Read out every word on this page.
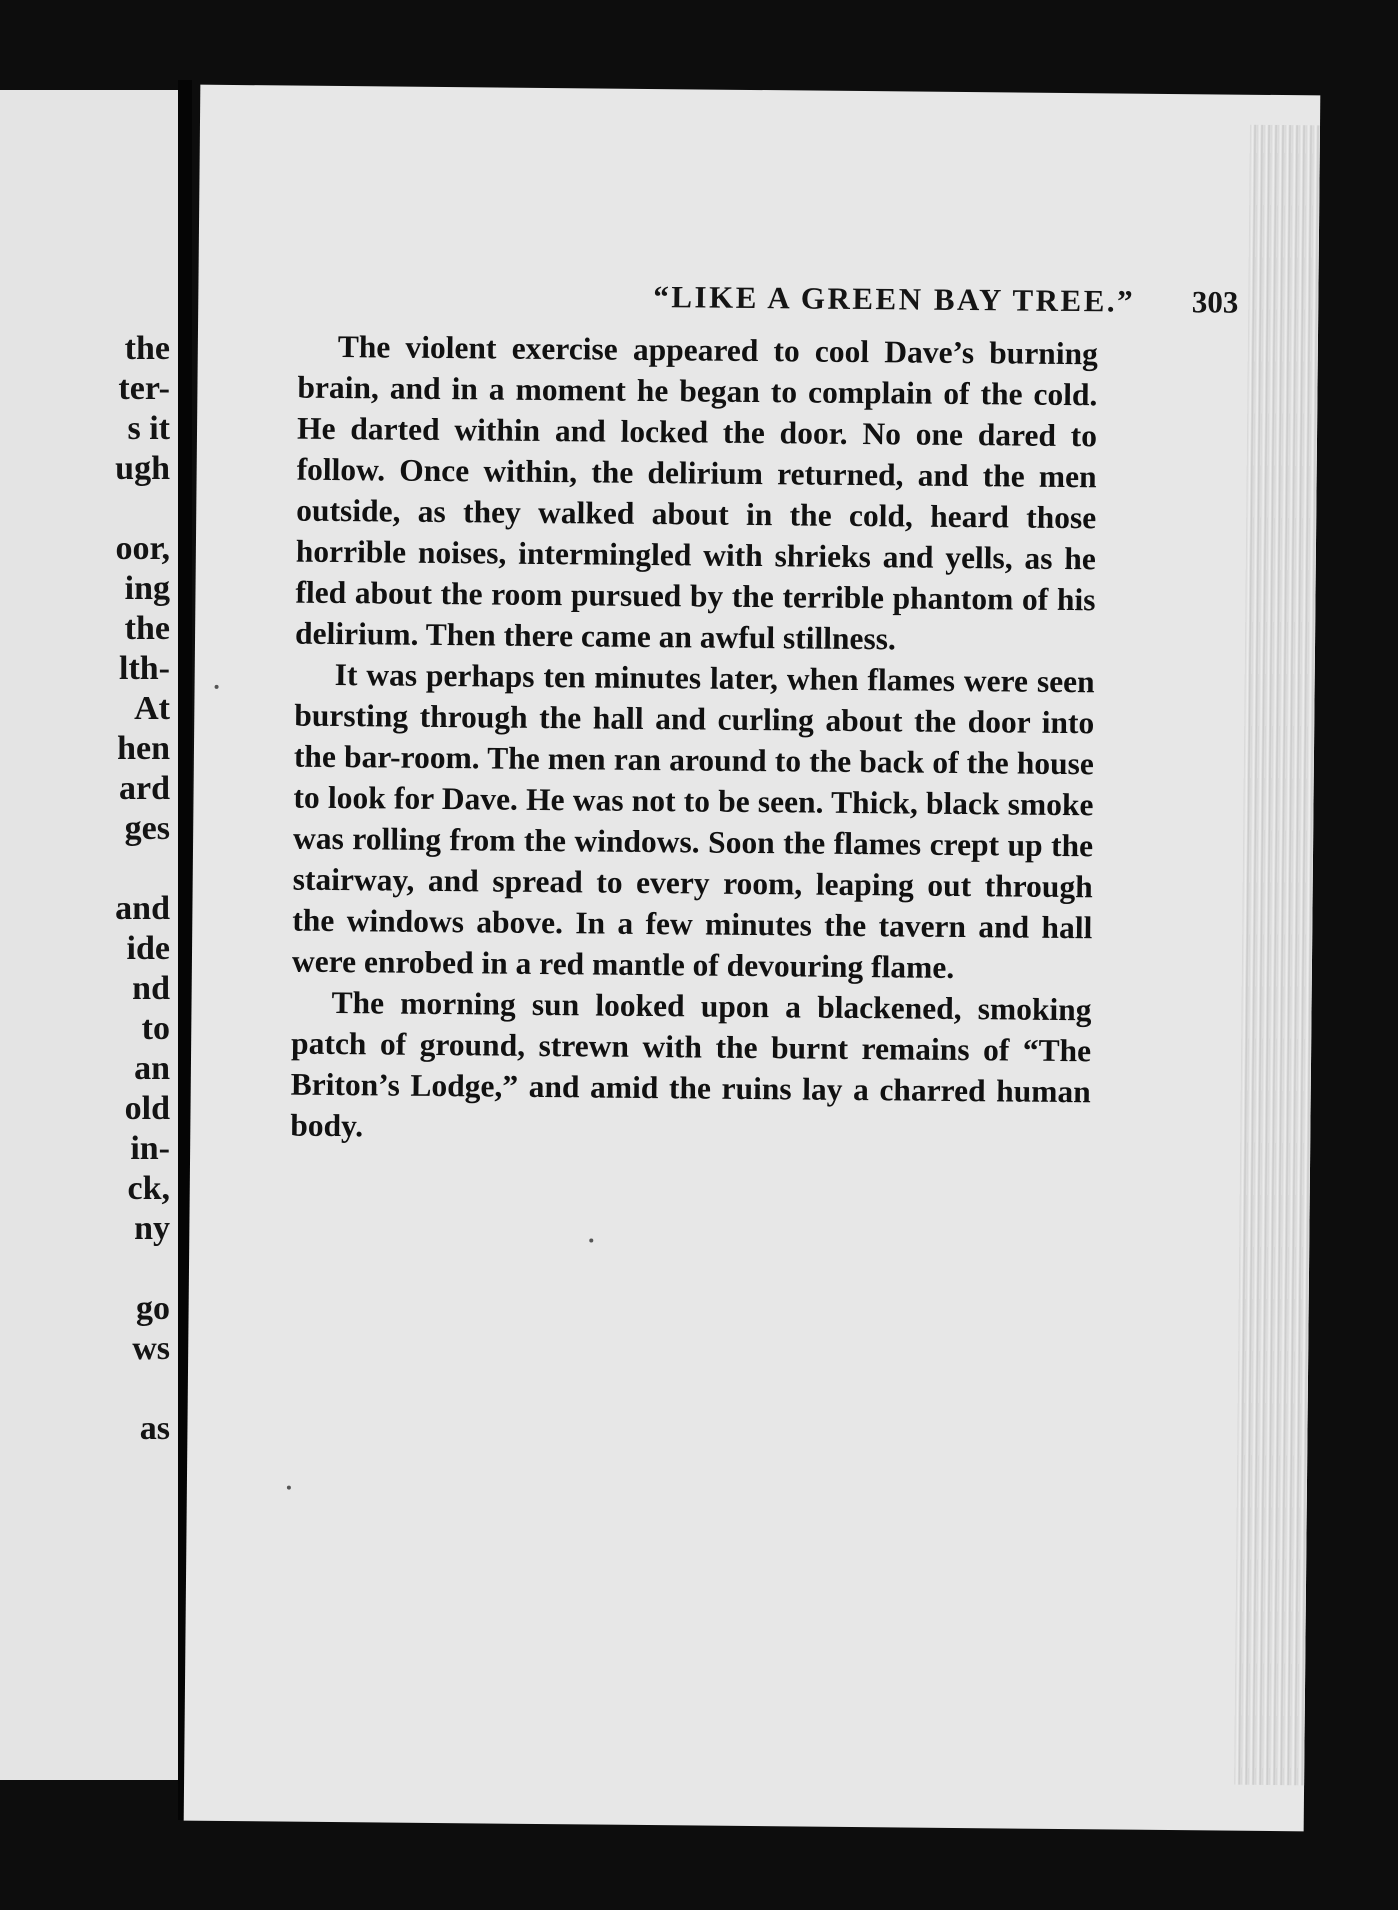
the
ter-
s it
ugh
oor,
ing
the
lth-
At
hen
ard
ges
and
ide
nd
to
an
old
in-
ck,
ny
go
ws
as
“LIKE A GREEN BAY TREE.” 303

The violent exercise appeared to cool Dave’s burning brain, and in a moment he began to complain of the cold. He darted within and locked the door. No one dared to follow. Once within, the delirium returned, and the men outside, as they walked about in the cold, heard those horrible noises, intermingled with shrieks and yells, as he fled about the room pursued by the terrible phantom of his delirium. Then there came an awful stillness.

It was perhaps ten minutes later, when flames were seen bursting through the hall and curling about the door into the bar-room. The men ran around to the back of the house to look for Dave. He was not to be seen. Thick, black smoke was rolling from the windows. Soon the flames crept up the stairway, and spread to every room, leaping out through the windows above. In a few minutes the tavern and hall were enrobed in a red mantle of devouring flame.

The morning sun looked upon a blackened, smoking patch of ground, strewn with the burnt remains of “The Briton’s Lodge,” and amid the ruins lay a charred human body.
